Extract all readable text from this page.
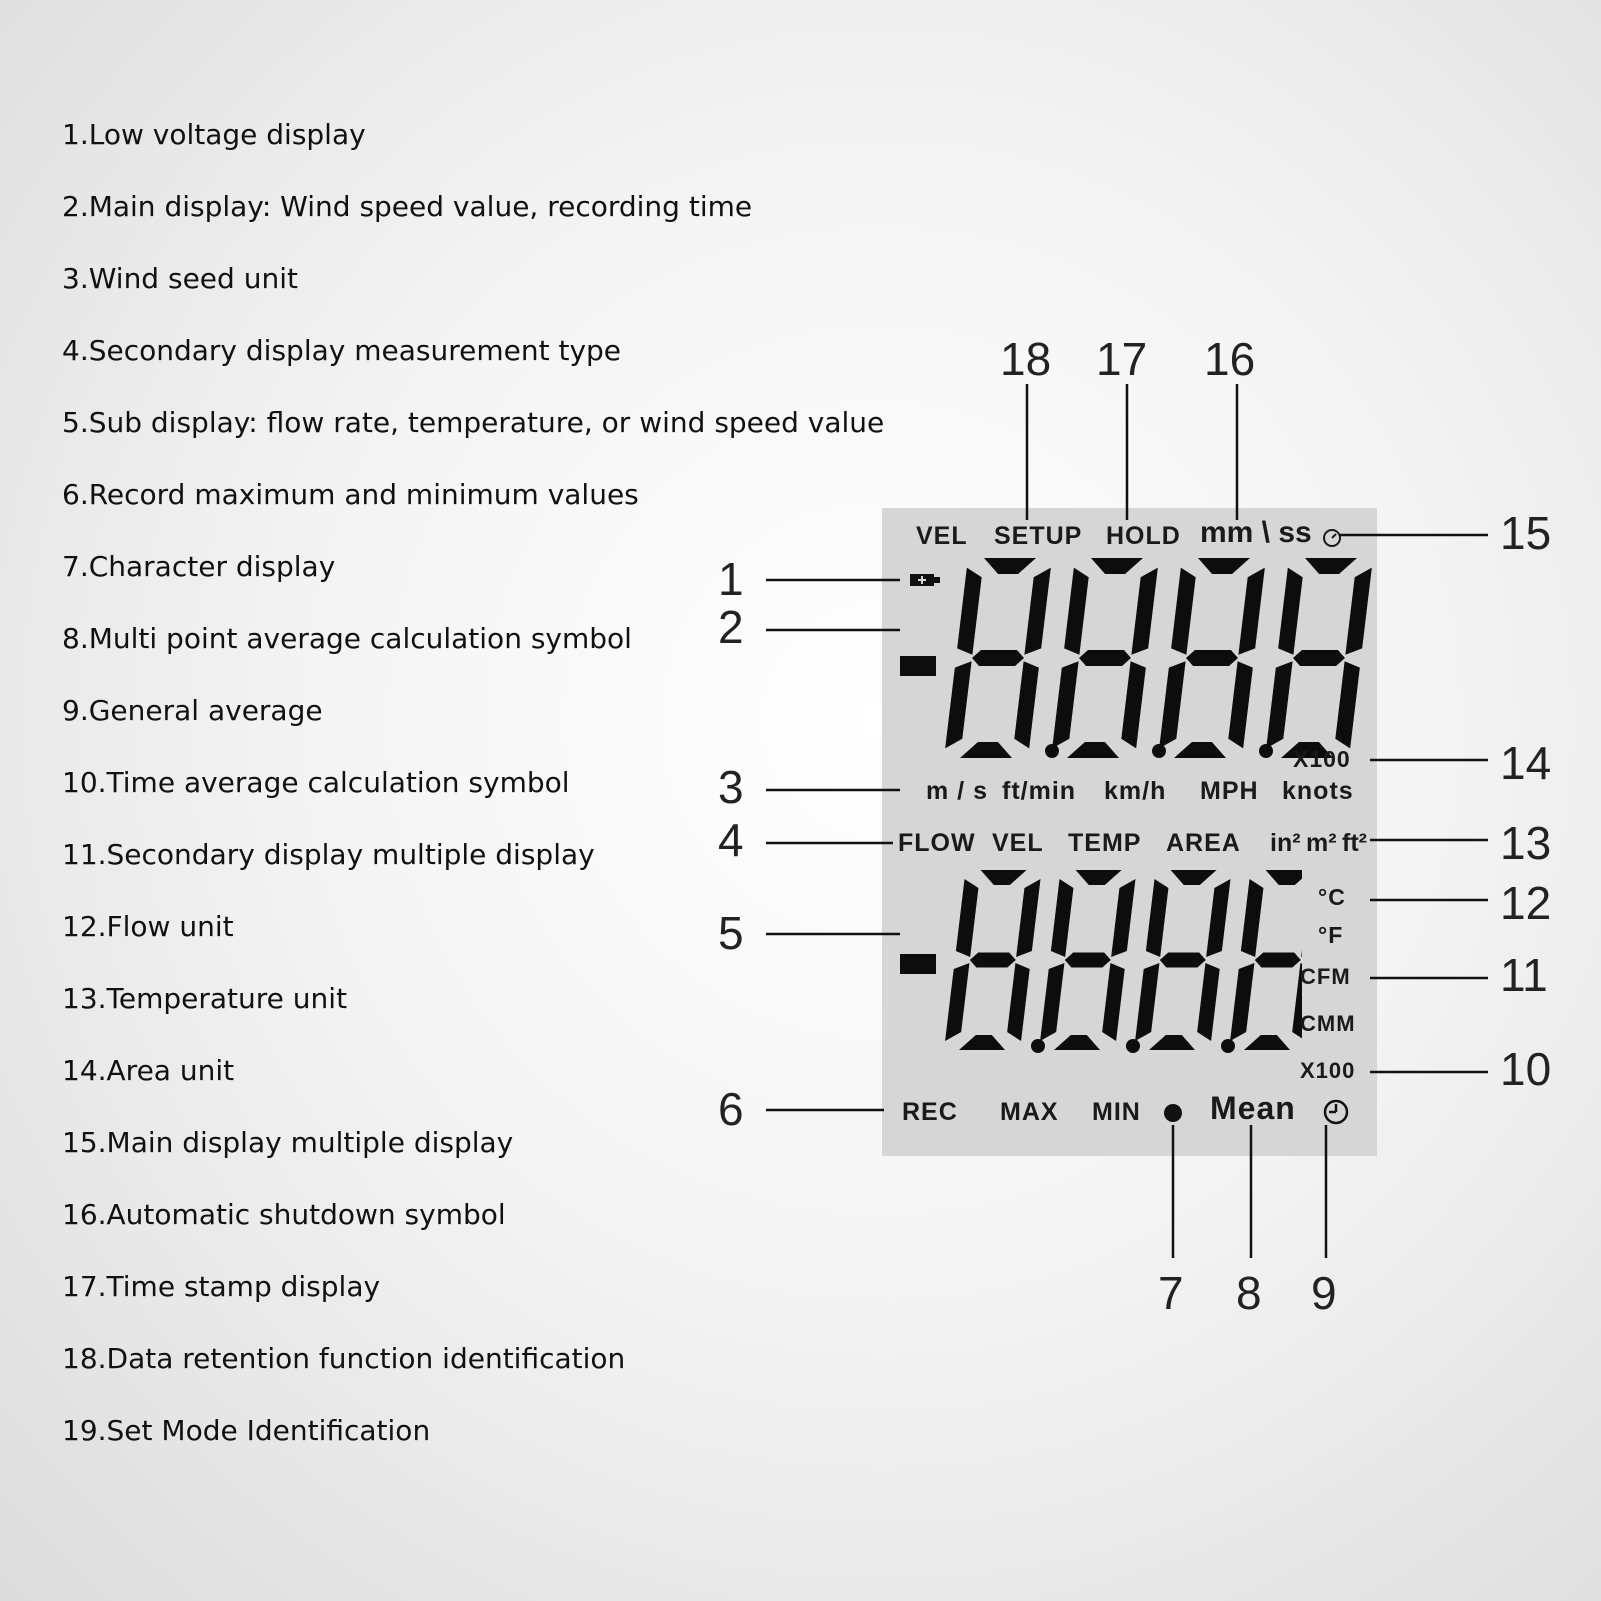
1.Low voltage display
2.Main display: Wind speed value, recording time
3.Wind seed unit
4.Secondary display measurement type
5.Sub display: flow rate, temperature, or wind speed value
6.Record maximum and minimum values
7.Character display
8.Multi point average calculation symbol
9.General average
10.Time average calculation symbol
11.Secondary display multiple display
12.Flow unit
13.Temperature unit
14.Area unit
15.Main display multiple display
16.Automatic shutdown symbol
17.Time stamp display
18.Data retention function identification
19.Set Mode Identification
VEL SETUP HOLD mm \ ss
X100
m / s ft/min km/h MPH knots
FLOW VEL TEMP AREA in² m² ft²
°C
°F
CFM
CMM
X100
REC MAX MIN Mean
1
2
3
4
5
6
7 8 9
10
11
12
13
14
15
16
17
18
